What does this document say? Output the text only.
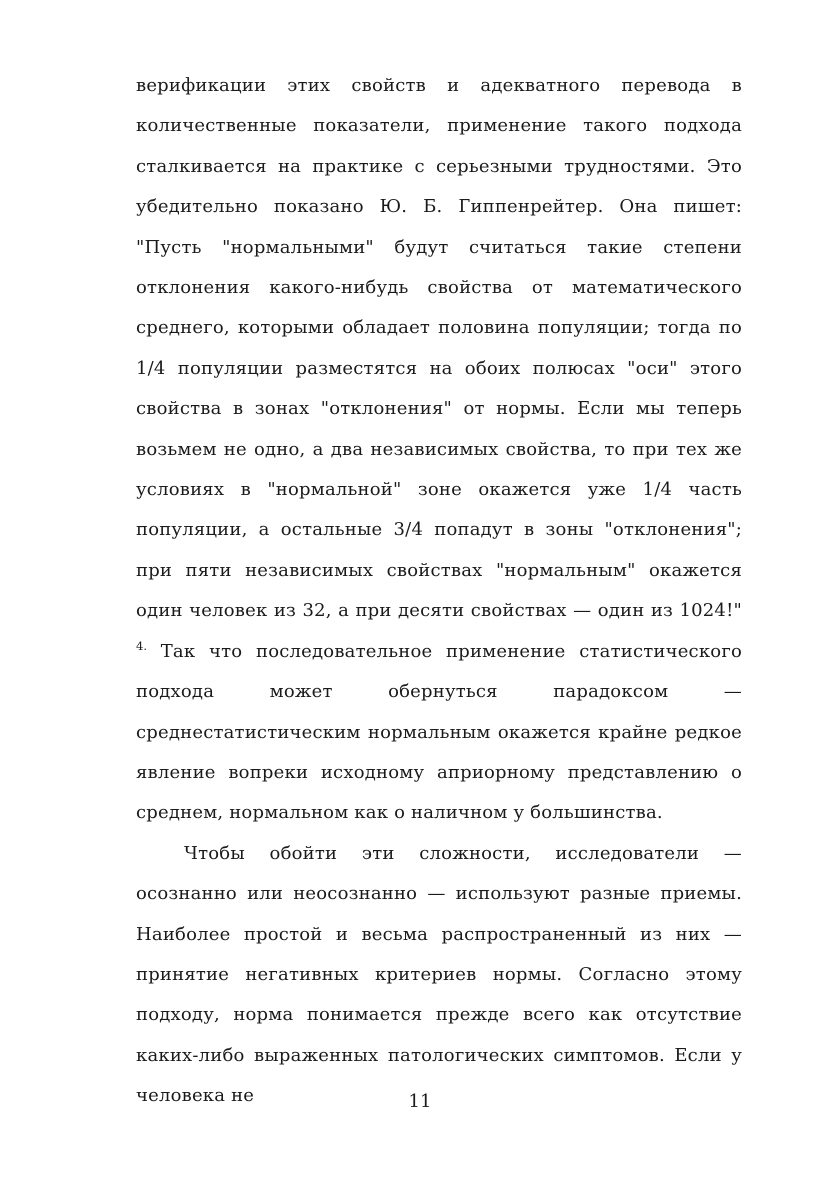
верификации этих свойств и адекватного перевода в количественные показатели, применение такого подхода сталкивается на практике с серьезными трудностями. Это убедительно показано Ю. Б. Гиппенрейтер. Она пишет: "Пусть "нормальными" будут считаться такие степени отклонения какого-нибудь свойства от математического среднего, которыми обладает половина популяции; тогда по 1/4 популяции разместятся на обоих полюсах "оси" этого свойства в зонах "отклонения" от нормы. Если мы теперь возьмем не одно, а два независимых свойства, то при тех же условиях в "нормальной" зоне окажется уже 1/4 часть популяции, а остальные 3/4 попадут в зоны "отклонения"; при пяти независимых свойствах "нормальным" окажется один человек из 32, а при десяти свойствах — один из 1024!" $^{4.}$ Так что последовательное применение статистического подхода может обернуться парадоксом — среднестатистическим нормальным окажется крайне редкое явление вопреки исходному априорному представлению о среднем, нормальном как о наличном у большинства.

Чтобы обойти эти сложности, исследователи — осознанно или неосознанно — используют разные приемы. Наиболее простой и весьма распространенный из них — принятие негативных критериев нормы. Согласно этому подходу, норма понимается прежде всего как отсутствие каких-либо выраженных патологических симптомов. Если у человека не	11
